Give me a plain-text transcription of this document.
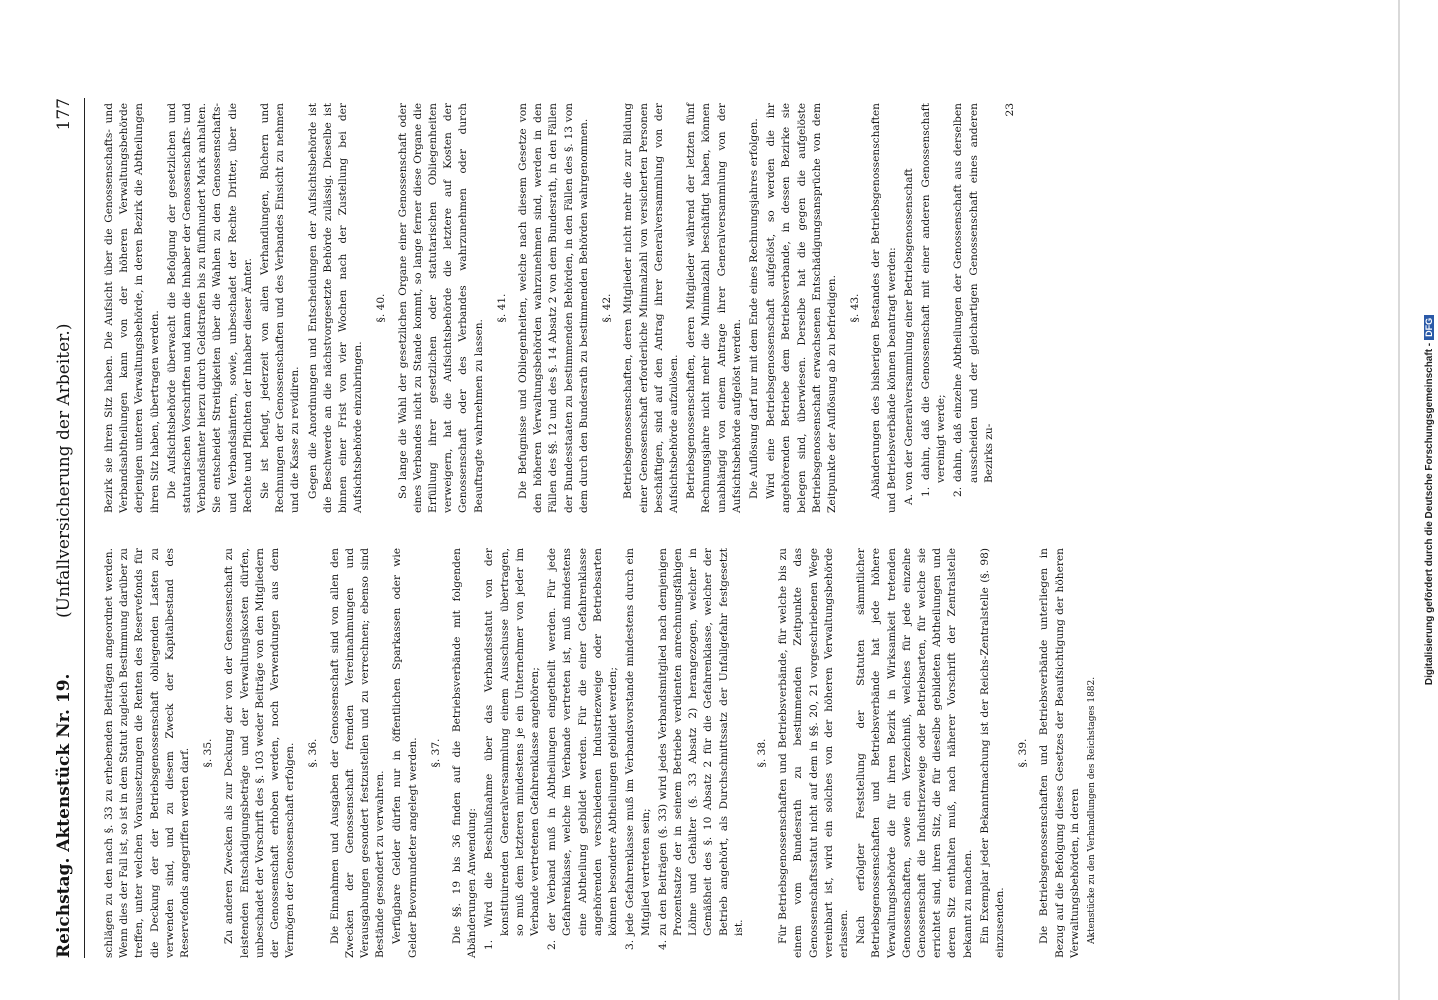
Reichstag. Aktenstück Nr. 19.
(Unfallversicherung der Arbeiter.)
177

schlägen zu den nach §. 33 zu erhebenden Beiträgen angeordnet werden. Wenn dies der Fall ist, so ist in dem Statut zugleich Bestimmung darüber zu treffen, unter welchen Voraussetzungen die Renten des Reservefonds für die Deckung der der Betriebsgenossenschaft obliegenden Lasten zu verwenden sind, und zu diesem Zweck der Kapitalbestand des Reservefonds angegriffen werden darf. §. 35. Zu anderen Zwecken als zur Deckung der von der Genossenschaft zu leistenden Entschädigungsbeträge und der Verwaltungskosten dürfen, unbeschadet der Vorschrift des §. 103 weder Beiträge von den Mitgliedern der Genossenschaft erhoben werden, noch Verwendungen aus dem Vermögen der Genossenschaft erfolgen. §. 36. Die Einnahmen und Ausgaben der Genossenschaft sind von allen den Zwecken der Genossenschaft fremden Vereinnahmungen und Verausgabungen gesondert festzustellen und zu verrechnen; ebenso sind Bestände gesondert zu verwahren. Verfügbare Gelder dürfen nur in öffentlichen Sparkassen oder wie Gelder Bevormundeter angelegt werden. §. 37. Die §§. 19 bis 36 finden auf die Betriebsverbände mit folgenden Abänderungen Anwendung: 1. Wird die Beschlußnahme über das Verbandsstatut von der konstituirenden Generalversammlung einem Ausschusse übertragen, so muß dem letzteren mindestens je ein Unternehmer von jeder im Verbande vertretenen Gefahrenklasse angehören; 2. der Verband muß in Abtheilungen eingetheilt werden. Für jede Gefahrenklasse, welche im Verbande vertreten ist, muß mindestens eine Abtheilung gebildet werden. Für die einer Gefahrenklasse angehörenden verschiedenen Industriezweige oder Betriebsarten können besondere Abtheilungen gebildet werden; 3. jede Gefahrenklasse muß im Verbandsvorstande mindestens durch ein Mitglied vertreten sein; 4. zu den Beiträgen (§. 33) wird jedes Verbandsmitglied nach demjenigen Prozentsatze der in seinem Betriebe verdienten anrechnungsfähigen Löhne und Gehälter (§. 33 Absatz 2) herangezogen, welcher in Gemäßheit des §. 10 Absatz 2 für die Gefahrenklasse, welcher der Betrieb angehört, als Durchschnittssatz der Unfallgefahr festgesetzt ist.
§. 38. Für Betriebsgenossenschaften und Betriebsverbände, für welche bis zu einem vom Bundesrath zu bestimmenden Zeitpunkte das Genossenschaftsstatut nicht auf dem in §§. 20, 21 vorgeschriebenen Wege vereinbart ist, wird ein solches von der höheren Verwaltungsbehörde erlassen. Nach erfolgter Feststellung der Statuten sämmtlicher Betriebsgenossenschaften und Betriebsverbände hat jede höhere Verwaltungsbehörde die für ihren Bezirk in Wirksamkeit tretenden Genossenschaften, sowie ein Verzeichniß, welches für jede einzelne Genossenschaft die Industriezweige oder Betriebsarten, für welche sie errichtet sind, ihren Sitz, die für dieselbe gebildeten Abtheilungen und deren Sitz enthalten muß, nach näherer Vorschrift der Zentralstelle bekannt zu machen. Ein Exemplar jeder Bekanntmachung ist der Reichs-Zentralstelle (§. 98) einzusenden.

§. 39. Die Betriebsgenossenschaften und Betriebsverbände unterliegen in Bezug auf die Befolgung dieses Gesetzes der Beaufsichtigung der höheren Verwaltungsbehörden, in deren Aktenstücke zu den Verhandlungen des Reichstages 1882.

Bezirk sie ihren Sitz haben. Die Aufsicht über die Genossenschafts- und Verbandsabtheilungen kann von der höheren Verwaltungsbehörde derjenigen unteren Verwaltungsbehörde, in deren Bezirk die Abtheilungen ihren Sitz haben, übertragen werden. Die Aufsichtsbehörde überwacht die Befolgung der gesetzlichen und statutarischen Vorschriften und kann die Inhaber der Genossenschafts- und Verbandsämter hierzu durch Geldstrafen bis zu fünfhundert Mark anhalten. Sie entscheidet Streitigkeiten über die Wahlen zu den Genossenschafts- und Verbandsämtern, sowie, unbeschadet der Rechte Dritter, über die Rechte und Pflichten der Inhaber dieser Ämter. Sie ist befugt, jederzeit von allen Verhandlungen, Büchern und Rechnungen der Genossenschaften und des Verbandes Einsicht zu nehmen und die Kasse zu revidiren. Gegen die Anordnungen und Entscheidungen der Aufsichtsbehörde ist die Beschwerde an die nächstvorgesetzte Behörde zulässig. Dieselbe ist binnen einer Frist von vier Wochen nach der Zustellung bei der Aufsichtsbehörde einzubringen.

§. 40. So lange die Wahl der gesetzlichen Organe einer Genossenschaft oder eines Verbandes nicht zu Stande kommt, so lange ferner diese Organe die Erfüllung ihrer gesetzlichen oder statutarischen Obliegenheiten verweigern, hat die Aufsichtsbehörde die letztere auf Kosten der Genossenschaft oder des Verbandes wahrzunehmen oder durch Beauftragte wahrnehmen zu lassen.

§. 41. Die Befugnisse und Obliegenheiten, welche nach diesem Gesetze von den höheren Verwaltungsbehörden wahrzunehmen sind, werden in den Fällen des §§. 12 und des §. 14 Absatz 2 von dem Bundesrath, in den Fällen der Bundesstaaten zu bestimmenden Behörden, in den Fällen des §. 13 von dem durch den Bundesrath zu bestimmenden Behörden wahrgenommen. §. 42. Betriebsgenossenschaften, deren Mitglieder nicht mehr die zur Bildung einer Genossenschaft erforderliche Minimalzahl von versicherten Personen beschäftigen, sind auf den Antrag ihrer Generalversammlung von der Aufsichtsbehörde aufzulösen. Betriebsgenossenschaften, deren Mitglieder während der letzten fünf Rechnungsjahre nicht mehr die Minimalzahl beschäftigt haben, können unabhängig von einem Antrage ihrer Generalversammlung von der Aufsichtsbehörde aufgelöst werden. Die Auflösung darf nur mit dem Ende eines Rechnungsjahres erfolgen. Wird eine Betriebsgenossenschaft aufgelöst, so werden die ihr angehörenden Betriebe dem Betriebsverbande, in dessen Bezirke sie belegen sind, überwiesen. Derselbe hat die gegen die aufgelöste Betriebsgenossenschaft erwachsenen Entschädigungsansprüche von dem Zeitpunkte der Auflösung ab zu befriedigen. §. 43. Abänderungen des bisherigen Bestandes der Betriebsgenossenschaften und Betriebsverbände können beantragt werden: A. von der Generalversammlung einer Betriebsgenossenschaft 1. dahin, daß die Genossenschaft mit einer anderen Genossenschaft vereinigt werde; 2. dahin, daß einzelne Abtheilungen der Genossenschaft aus derselben ausscheiden und der gleichartigen Genossenschaft eines anderen Bezirks zu-
23
Digitalisierung gefördert durch die Deutsche Forschungsgemeinschaft -DFG
